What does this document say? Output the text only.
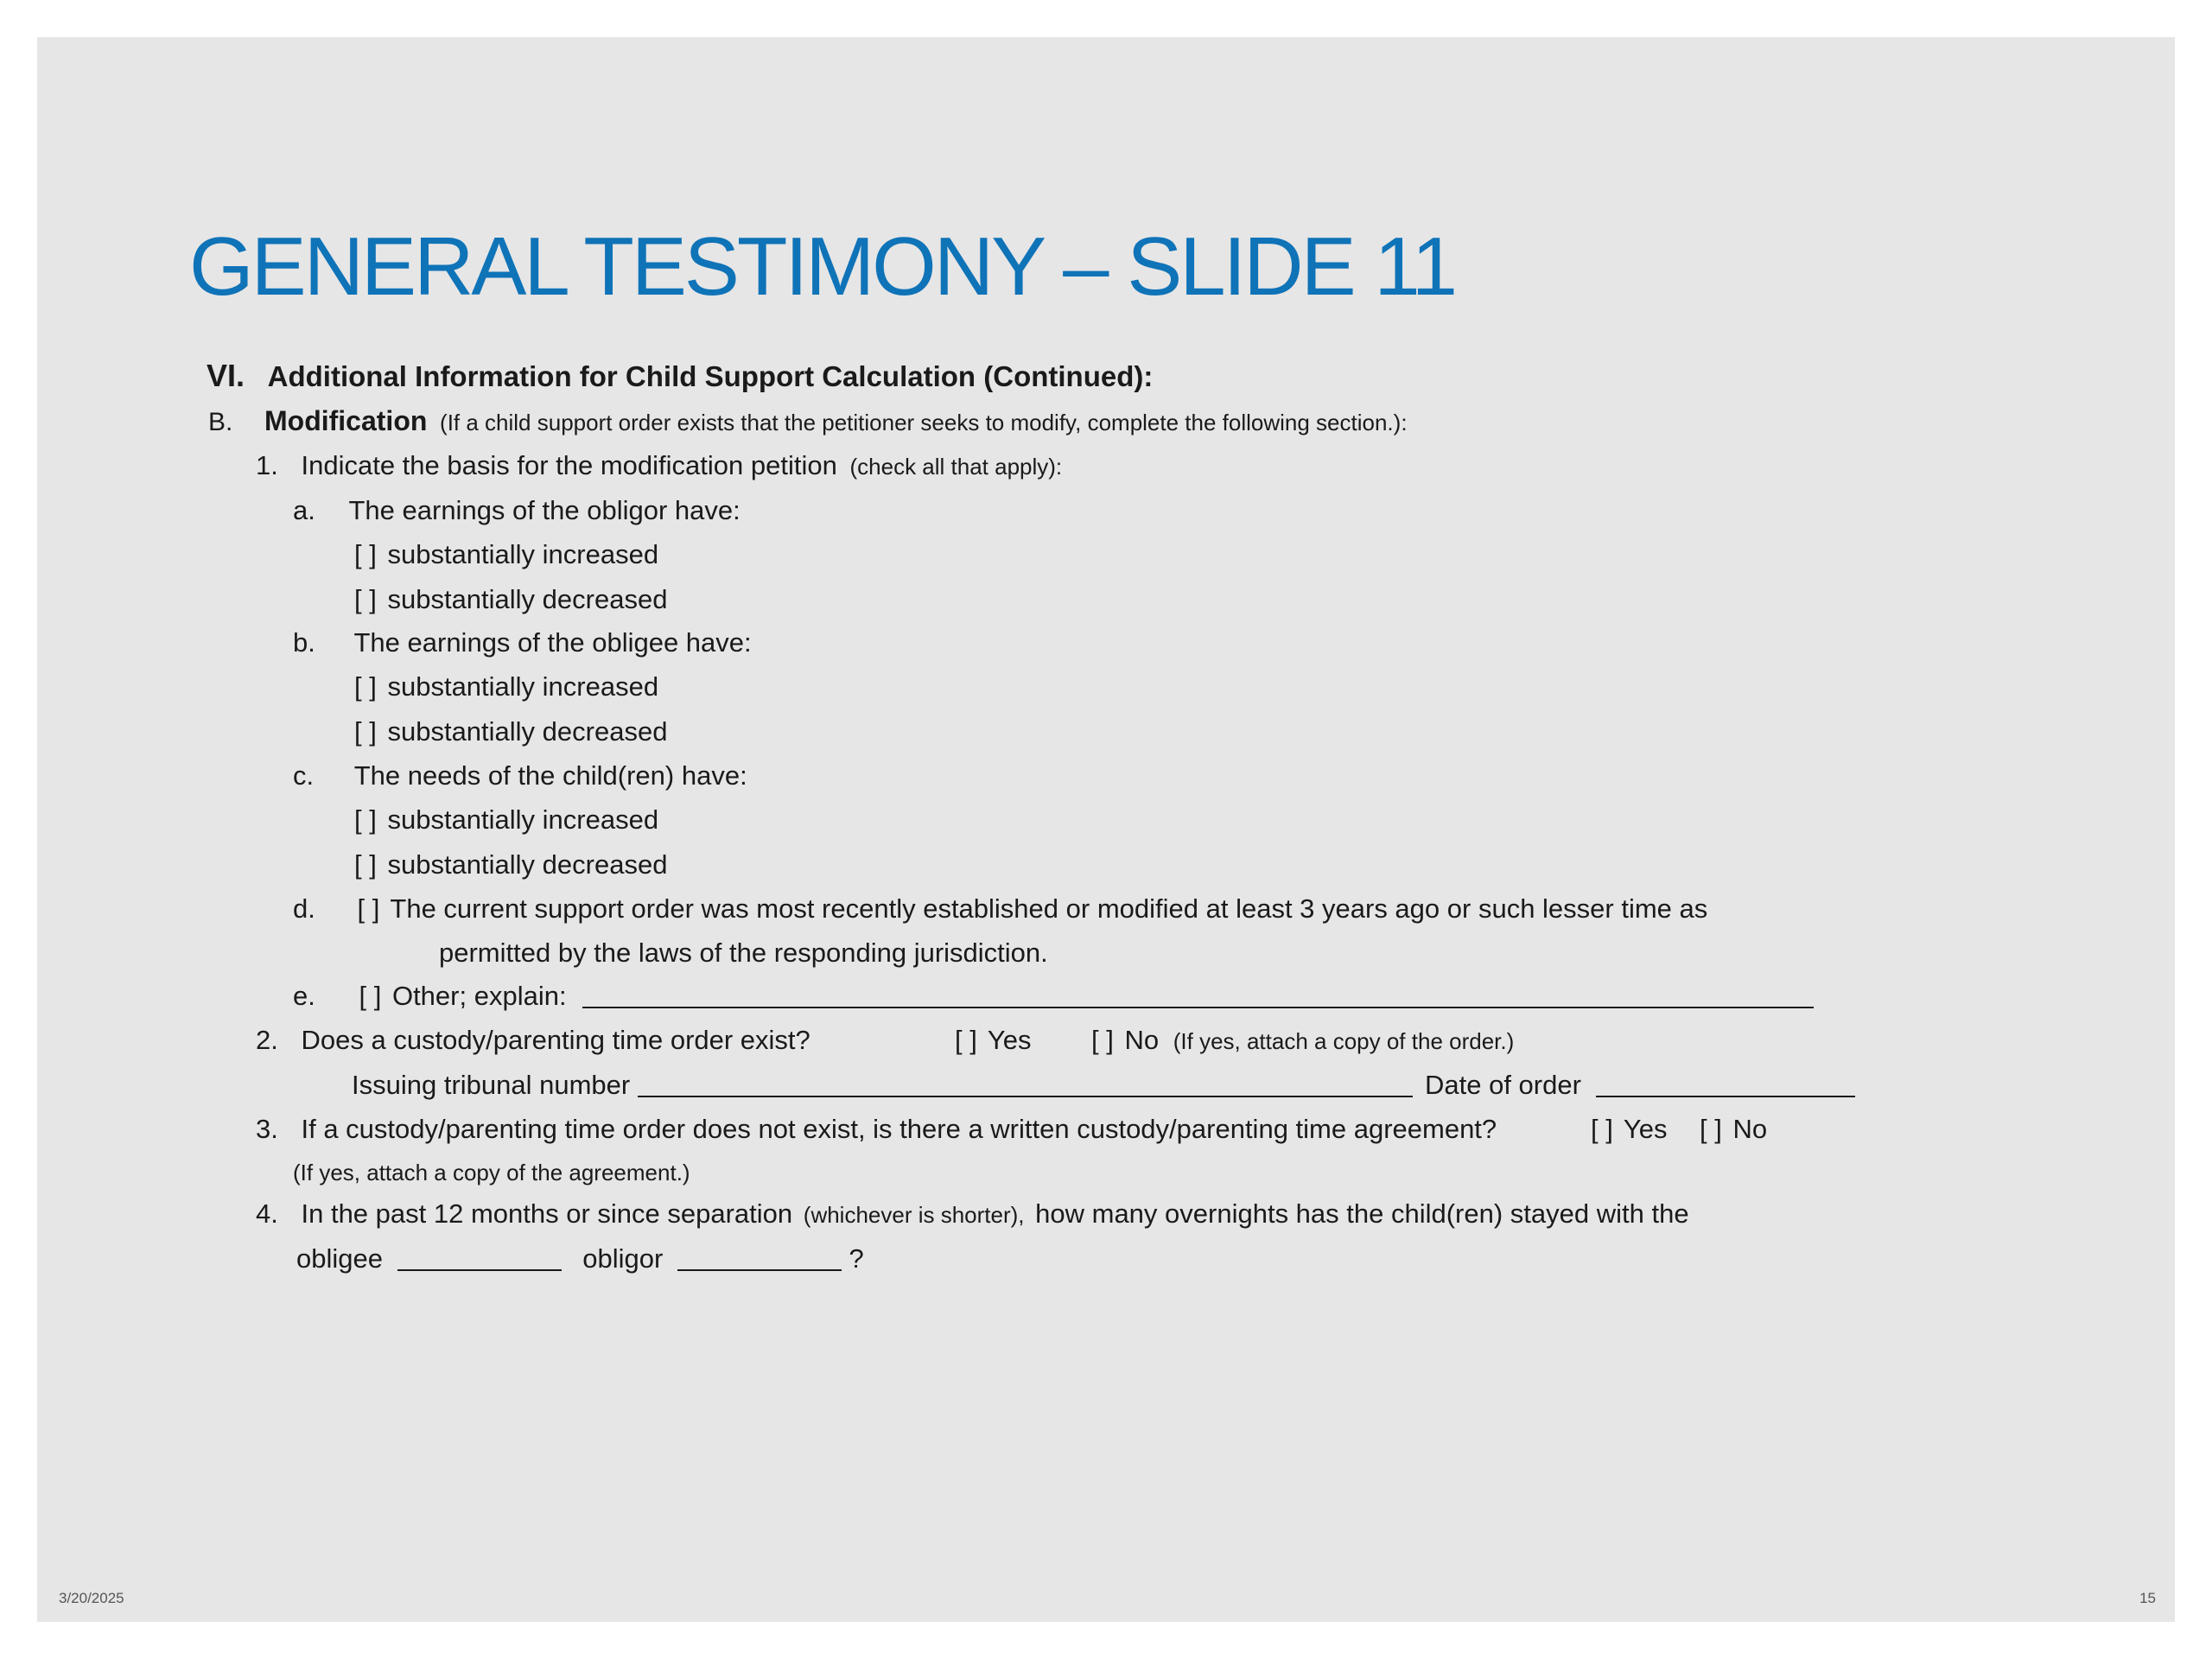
GENERAL TESTIMONY – SLIDE 11
VI. Additional Information for Child Support Calculation (Continued):
B. Modification (If a child support order exists that the petitioner seeks to modify, complete the following section.):
1. Indicate the basis for the modification petition (check all that apply):
a. The earnings of the obligor have:
[ ] substantially increased
[ ] substantially decreased
b. The earnings of the obligee have:
[ ] substantially increased
[ ] substantially decreased
c. The needs of the child(ren) have:
[ ] substantially increased
[ ] substantially decreased
d. [ ] The current support order was most recently established or modified at least 3 years ago or such lesser time as
permitted by the laws of the responding jurisdiction.
e. [ ] Other; explain:
2. Does a custody/parenting time order exist?	[ ] Yes [ ] No (If yes, attach a copy of the order.)
Issuing tribunal number	Date of order
3. If a custody/parenting time order does not exist, is there a written custody/parenting time agreement?	[ ] Yes [ ] No
(If yes, attach a copy of the agreement.)
4. In the past 12 months or since separation (whichever is shorter), how many overnights has the child(ren) stayed with the
obligee	obligor	?
3/20/2025	15
